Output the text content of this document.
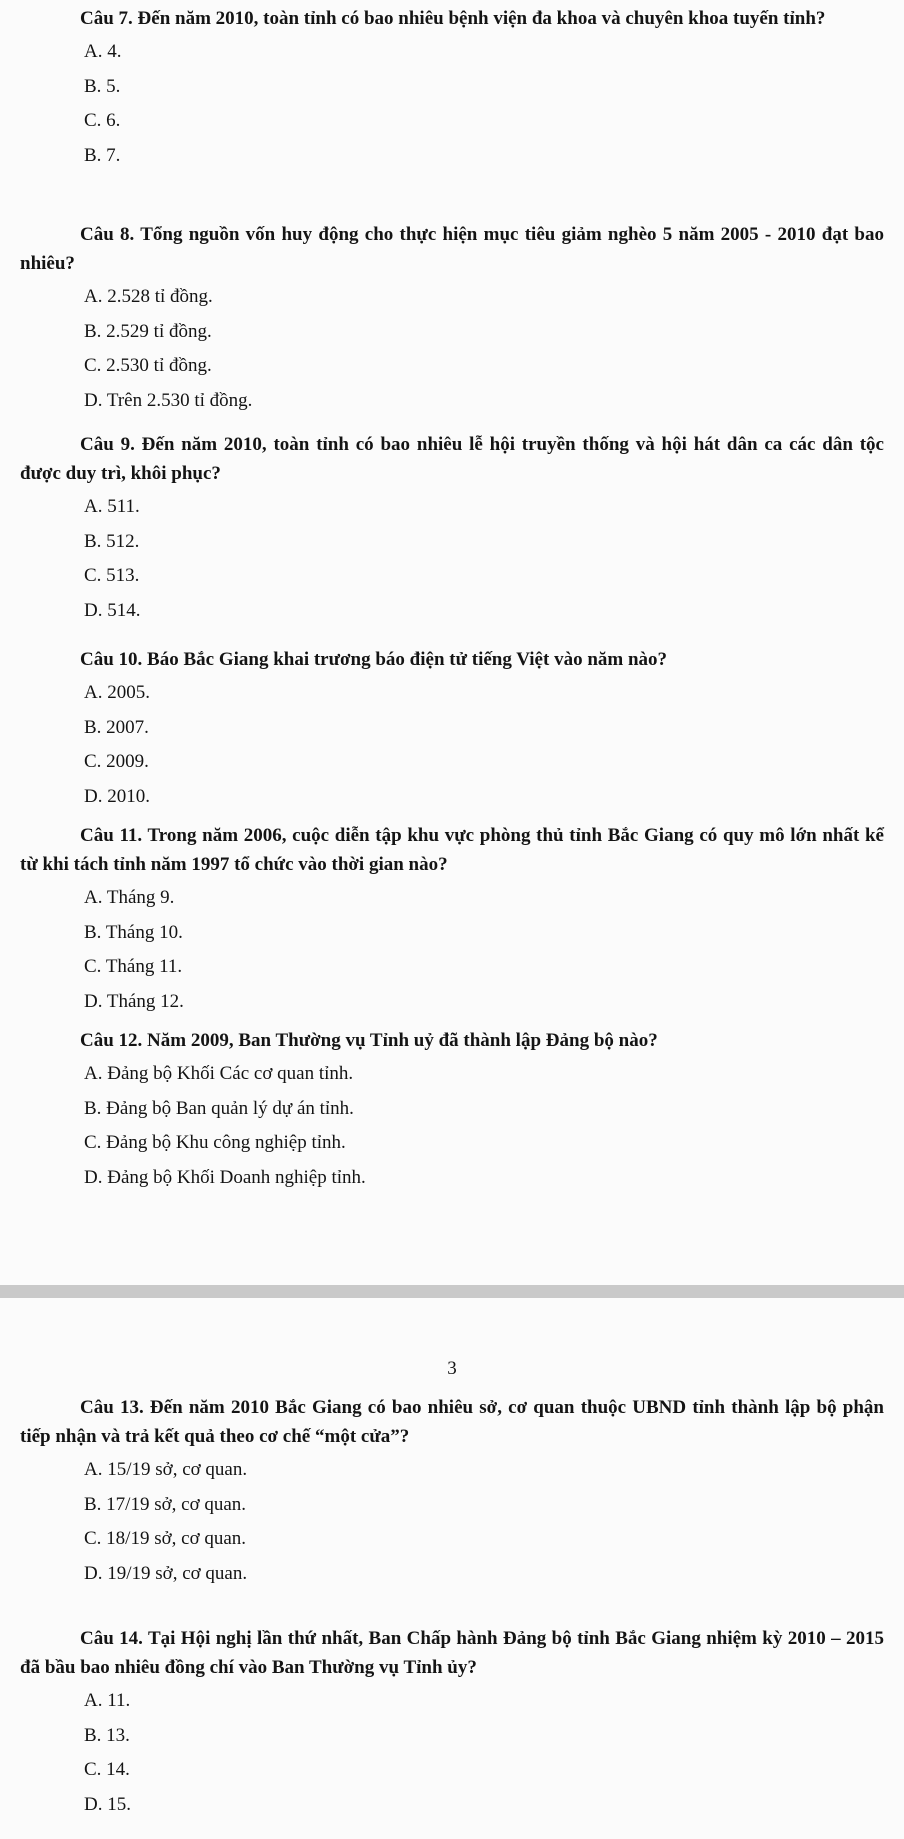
Câu 7. Đến năm 2010, toàn tỉnh có bao nhiêu bệnh viện đa khoa và chuyên khoa tuyến tỉnh?
A. 4.
B. 5.
C. 6.
B. 7.
Câu 8. Tổng nguồn vốn huy động cho thực hiện mục tiêu giảm nghèo 5 năm 2005 - 2010 đạt bao nhiêu?
A. 2.528 tỉ đồng.
B. 2.529 tỉ đồng.
C. 2.530 tỉ đồng.
D. Trên 2.530 tỉ đồng.
Câu 9. Đến năm 2010, toàn tỉnh có bao nhiêu lễ hội truyền thống và hội hát dân ca các dân tộc được duy trì, khôi phục?
A. 511.
B. 512.
C. 513.
D. 514.
Câu 10. Báo Bắc Giang khai trương báo điện tử tiếng Việt vào năm nào?
A. 2005.
B. 2007.
C. 2009.
D. 2010.
Câu 11. Trong năm 2006, cuộc diễn tập khu vực phòng thủ tỉnh Bắc Giang có quy mô lớn nhất kể từ khi tách tỉnh năm 1997 tổ chức vào thời gian nào?
A. Tháng 9.
B. Tháng 10.
C. Tháng 11.
D. Tháng 12.
Câu 12. Năm 2009, Ban Thường vụ Tỉnh uỷ đã thành lập Đảng bộ nào?
A. Đảng bộ Khối Các cơ quan tỉnh.
B. Đảng bộ Ban quản lý dự án tỉnh.
C. Đảng bộ Khu công nghiệp tỉnh.
D. Đảng bộ Khối Doanh nghiệp tỉnh.
3
Câu 13. Đến năm 2010 Bắc Giang có bao nhiêu sở, cơ quan thuộc UBND tỉnh thành lập bộ phận tiếp nhận và trả kết quả theo cơ chế “một cửa”?
A. 15/19 sở, cơ quan.
B. 17/19 sở, cơ quan.
C. 18/19 sở, cơ quan.
D. 19/19 sở, cơ quan.
Câu 14. Tại Hội nghị lần thứ nhất, Ban Chấp hành Đảng bộ tỉnh Bắc Giang nhiệm kỳ 2010 – 2015 đã bầu bao nhiêu đồng chí vào Ban Thường vụ Tỉnh ủy?
A. 11.
B. 13.
C. 14.
D. 15.
